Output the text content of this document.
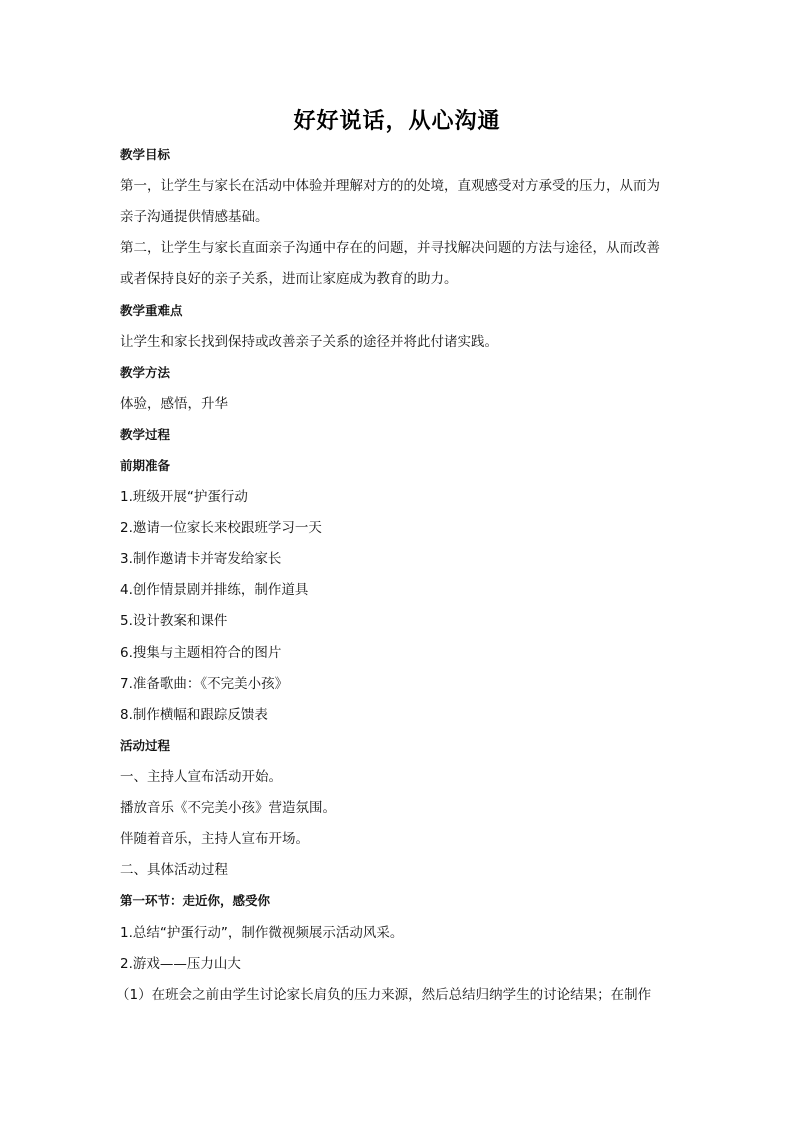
好好说话，从心沟通
教学目标
第一，让学生与家长在活动中体验并理解对方的的处境，直观感受对方承受的压力，从而为
亲子沟通提供情感基础。
第二，让学生与家长直面亲子沟通中存在的问题，并寻找解决问题的方法与途径，从而改善
或者保持良好的亲子关系，进而让家庭成为教育的助力。
教学重难点
让学生和家长找到保持或改善亲子关系的途径并将此付诸实践。
教学方法
体验，感悟，升华
教学过程
前期准备
1.班级开展“护蛋行动
2.邀请一位家长来校跟班学习一天
3.制作邀请卡并寄发给家长
4.创作情景剧并排练，制作道具
5.设计教案和课件
6.搜集与主题相符合的图片
7.准备歌曲：《不完美小孩》
8.制作横幅和跟踪反馈表
活动过程
一、主持人宣布活动开始。
播放音乐《不完美小孩》营造氛围。
伴随着音乐，主持人宣布开场。
二、具体活动过程
第一环节：走近你，感受你
1.总结“护蛋行动”，制作微视频展示活动风采。
2.游戏——压力山大
（1）在班会之前由学生讨论家长肩负的压力来源，然后总结归纳学生的讨论结果；在制作
